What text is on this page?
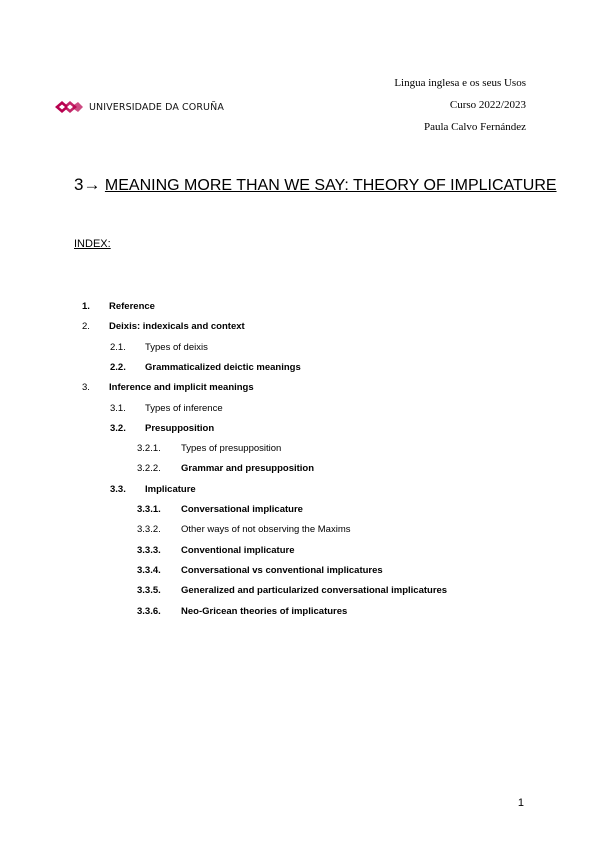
UNIVERSIDADE DA CORUÑA
Lingua inglesa e os seus Usos
Curso 2022/2023
Paula Calvo Fernández
3→ MEANING MORE THAN WE SAY: THEORY OF IMPLICATURE
INDEX:
1. Reference
2. Deixis: indexicals and context
2.1. Types of deixis
2.2. Grammaticalized deictic meanings
3. Inference and implicit meanings
3.1. Types of inference
3.2. Presupposition
3.2.1. Types of presupposition
3.2.2. Grammar and presupposition
3.3. Implicature
3.3.1. Conversational implicature
3.3.2. Other ways of not observing the Maxims
3.3.3. Conventional implicature
3.3.4. Conversational vs conventional implicatures
3.3.5. Generalized and particularized conversational implicatures
3.3.6. Neo-Gricean theories of implicatures
1
